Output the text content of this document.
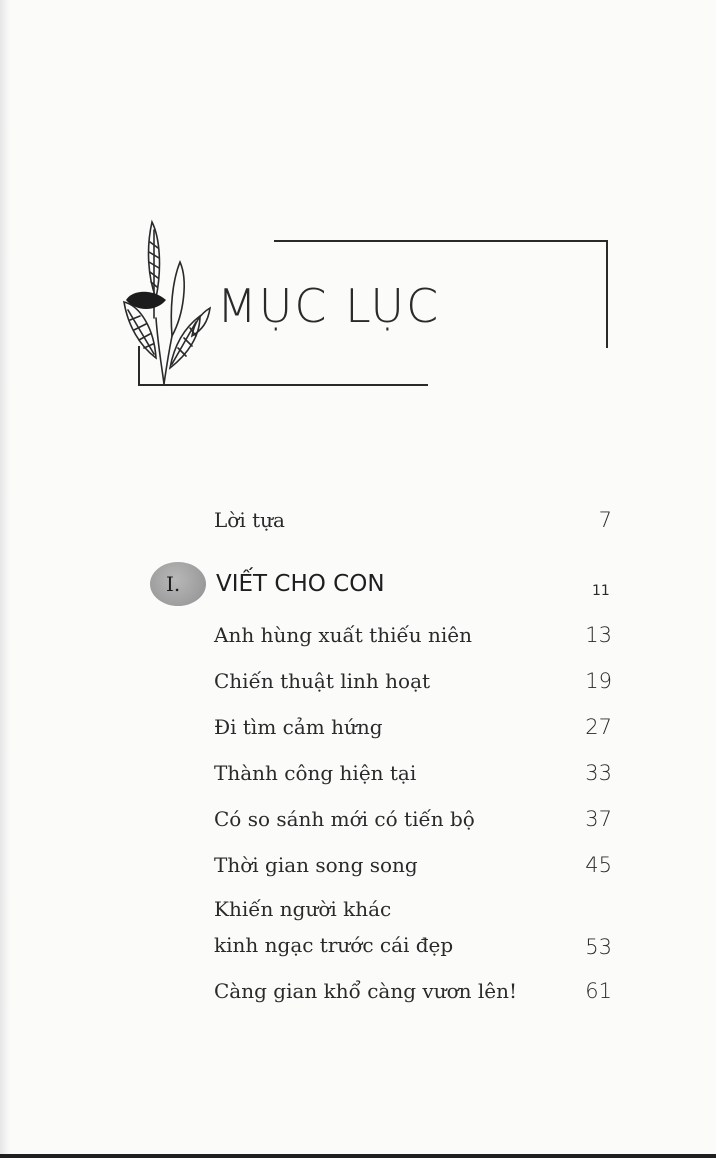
MỤC LỤC
Lời tựa	7
I. VIẾT CHO CON	11
Anh hùng xuất thiếu niên	13
Chiến thuật linh hoạt	19
Đi tìm cảm hứng	27
Thành công hiện tại	33
Có so sánh mới có tiến bộ	37
Thời gian song song	45
Khiến người khác
kinh ngạc trước cái đẹp	53
Càng gian khổ càng vươn lên!	61
